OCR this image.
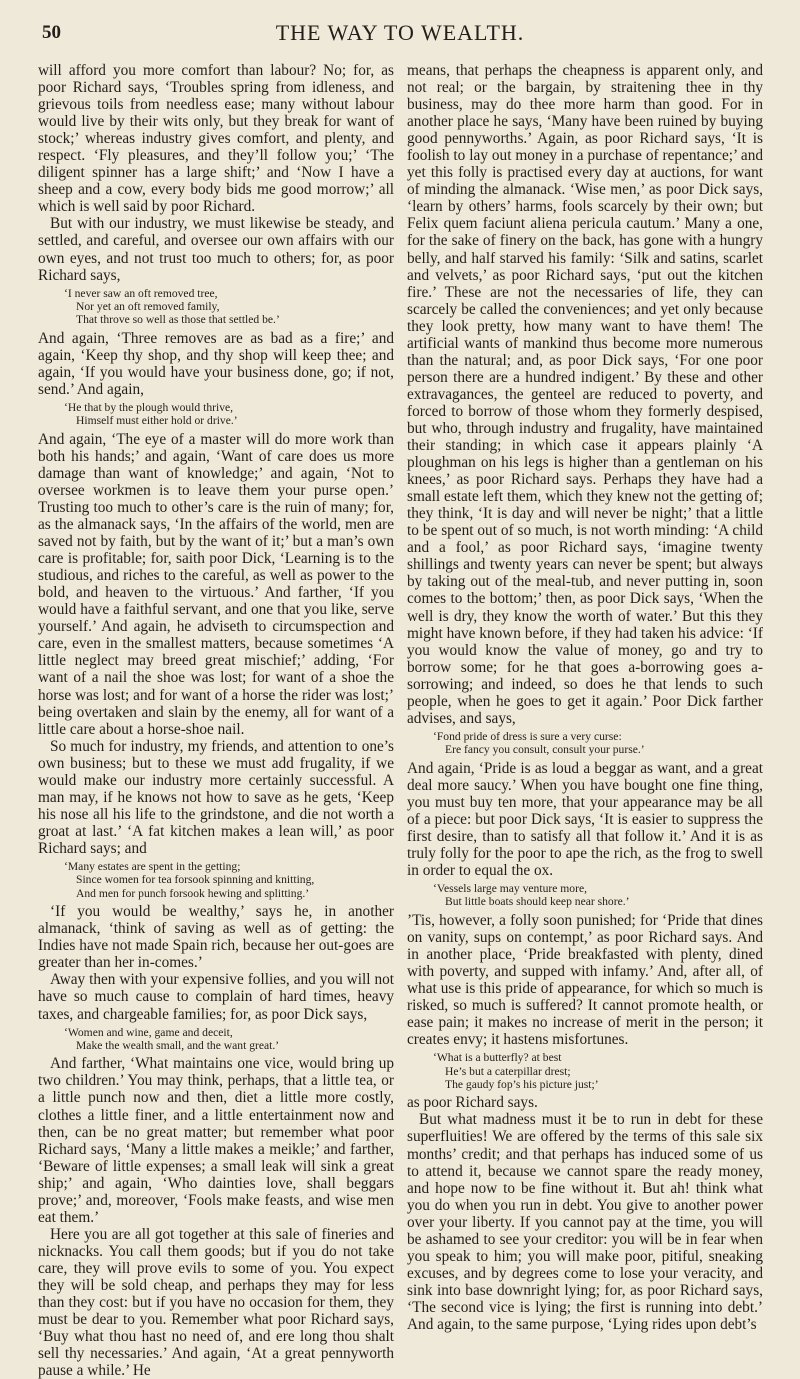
50	THE WAY TO WEALTH.

will afford you more comfort than labour? No; for, as poor Richard says, ‘Troubles spring from idleness, and grievous toils from needless ease; many without labour would live by their wits only, but they break for want of stock;’ whereas industry gives comfort, and plenty, and respect. ‘Fly pleasures, and they’ll follow you;’ ‘The diligent spinner has a large shift;’ and ‘Now I have a sheep and a cow, every body bids me good morrow;’ all which is well said by poor Richard.

But with our industry, we must likewise be steady, and settled, and careful, and oversee our own affairs with our own eyes, and not trust too much to others; for, as poor Richard says,

‘I never saw an oft removed tree,
Nor yet an oft removed family,
That throve so well as those that settled be.’

And again, ‘Three removes are as bad as a fire;’ and again, ‘Keep thy shop, and thy shop will keep thee; and again, ‘If you would have your business done, go; if not, send.’ And again,

‘He that by the plough would thrive,
Himself must either hold or drive.’

And again, ‘The eye of a master will do more work than both his hands;’ and again, ‘Want of care does us more damage than want of knowledge;’ and again, ‘Not to oversee workmen is to leave them your purse open.’ Trusting too much to other’s care is the ruin of many; for, as the almanack says, ‘In the affairs of the world, men are saved not by faith, but by the want of it;’ but a man’s own care is profitable; for, saith poor Dick, ‘Learning is to the studious, and riches to the careful, as well as power to the bold, and heaven to the virtuous.’ And farther, ‘If you would have a faithful servant, and one that you like, serve yourself.’ And again, he adviseth to circumspection and care, even in the smallest matters, because sometimes ‘A little neglect may breed great mischief;’ adding, ‘For want of a nail the shoe was lost; for want of a shoe the horse was lost; and for want of a horse the rider was lost;’ being overtaken and slain by the enemy, all for want of a little care about a horse-shoe nail.

So much for industry, my friends, and attention to one’s own business; but to these we must add frugality, if we would make our industry more certainly successful. A man may, if he knows not how to save as he gets, ‘Keep his nose all his life to the grindstone, and die not worth a groat at last.’ ‘A fat kitchen makes a lean will,’ as poor Richard says; and

‘Many estates are spent in the getting;
Since women for tea forsook spinning and knitting,
And men for punch forsook hewing and splitting.’

‘If you would be wealthy,’ says he, in another almanack, ‘think of saving as well as of getting: the Indies have not made Spain rich, because her out-goes are greater than her in-comes.’

Away then with your expensive follies, and you will not have so much cause to complain of hard times, heavy taxes, and chargeable families; for, as poor Dick says,

‘Women and wine, game and deceit,
Make the wealth small, and the want great.’

And farther, ‘What maintains one vice, would bring up two children.’ You may think, perhaps, that a little tea, or a little punch now and then, diet a little more costly, clothes a little finer, and a little entertainment now and then, can be no great matter; but remember what poor Richard says, ‘Many a little makes a meikle;’ and farther, ‘Beware of little expenses; a small leak will sink a great ship;’ and again, ‘Who dainties love, shall beggars prove;’ and, moreover, ‘Fools make feasts, and wise men eat them.’

Here you are all got together at this sale of fineries and nicknacks. You call them goods; but if you do not take care, they will prove evils to some of you. You expect they will be sold cheap, and perhaps they may for less than they cost: but if you have no occasion for them, they must be dear to you. Remember what poor Richard says, ‘Buy what thou hast no need of, and ere long thou shalt sell thy necessaries.’ And again, ‘At a great pennyworth pause a while.’ He

means, that perhaps the cheapness is apparent only, and not real; or the bargain, by straitening thee in thy business, may do thee more harm than good. For in another place he says, ‘Many have been ruined by buying good pennyworths.’ Again, as poor Richard says, ‘It is foolish to lay out money in a purchase of repentance;’ and yet this folly is practised every day at auctions, for want of minding the almanack. ‘Wise men,’ as poor Dick says, ‘learn by others’ harms, fools scarcely by their own; but Felix quem faciunt aliena pericula cautum.’ Many a one, for the sake of finery on the back, has gone with a hungry belly, and half starved his family: ‘Silk and satins, scarlet and velvets,’ as poor Richard says, ‘put out the kitchen fire.’ These are not the necessaries of life, they can scarcely be called the conveniences; and yet only because they look pretty, how many want to have them! The artificial wants of mankind thus become more numerous than the natural; and, as poor Dick says, ‘For one poor person there are a hundred indigent.’ By these and other extravagances, the genteel are reduced to poverty, and forced to borrow of those whom they formerly despised, but who, through industry and frugality, have maintained their standing; in which case it appears plainly ‘A ploughman on his legs is higher than a gentleman on his knees,’ as poor Richard says. Perhaps they have had a small estate left them, which they knew not the getting of; they think, ‘It is day and will never be night;’ that a little to be spent out of so much, is not worth minding: ‘A child and a fool,’ as poor Richard says, ‘imagine twenty shillings and twenty years can never be spent; but always by taking out of the meal-tub, and never putting in, soon comes to the bottom;’ then, as poor Dick says, ‘When the well is dry, they know the worth of water.’ But this they might have known before, if they had taken his advice: ‘If you would know the value of money, go and try to borrow some; for he that goes a-borrowing goes a-sorrowing; and indeed, so does he that lends to such people, when he goes to get it again.’ Poor Dick farther advises, and says,

‘Fond pride of dress is sure a very curse:
Ere fancy you consult, consult your purse.’

And again, ‘Pride is as loud a beggar as want, and a great deal more saucy.’ When you have bought one fine thing, you must buy ten more, that your appearance may be all of a piece: but poor Dick says, ‘It is easier to suppress the first desire, than to satisfy all that follow it.’ And it is as truly folly for the poor to ape the rich, as the frog to swell in order to equal the ox.

‘Vessels large may venture more,
But little boats should keep near shore.’

’Tis, however, a folly soon punished; for ‘Pride that dines on vanity, sups on contempt,’ as poor Richard says. And in another place, ‘Pride breakfasted with plenty, dined with poverty, and supped with infamy.’ And, after all, of what use is this pride of appearance, for which so much is risked, so much is suffered? It cannot promote health, or ease pain; it makes no increase of merit in the person; it creates envy; it hastens misfortunes.

‘What is a butterfly? at best
He’s but a caterpillar drest;
The gaudy fop’s his picture just;’

as poor Richard says.

But what madness must it be to run in debt for these superfluities! We are offered by the terms of this sale six months’ credit; and that perhaps has induced some of us to attend it, because we cannot spare the ready money, and hope now to be fine without it. But ah! think what you do when you run in debt. You give to another power over your liberty. If you cannot pay at the time, you will be ashamed to see your creditor: you will be in fear when you speak to him; you will make poor, pitiful, sneaking excuses, and by degrees come to lose your veracity, and sink into base downright lying; for, as poor Richard says, ‘The second vice is lying; the first is running into debt.’ And again, to the same purpose, ‘Lying rides upon debt’s
